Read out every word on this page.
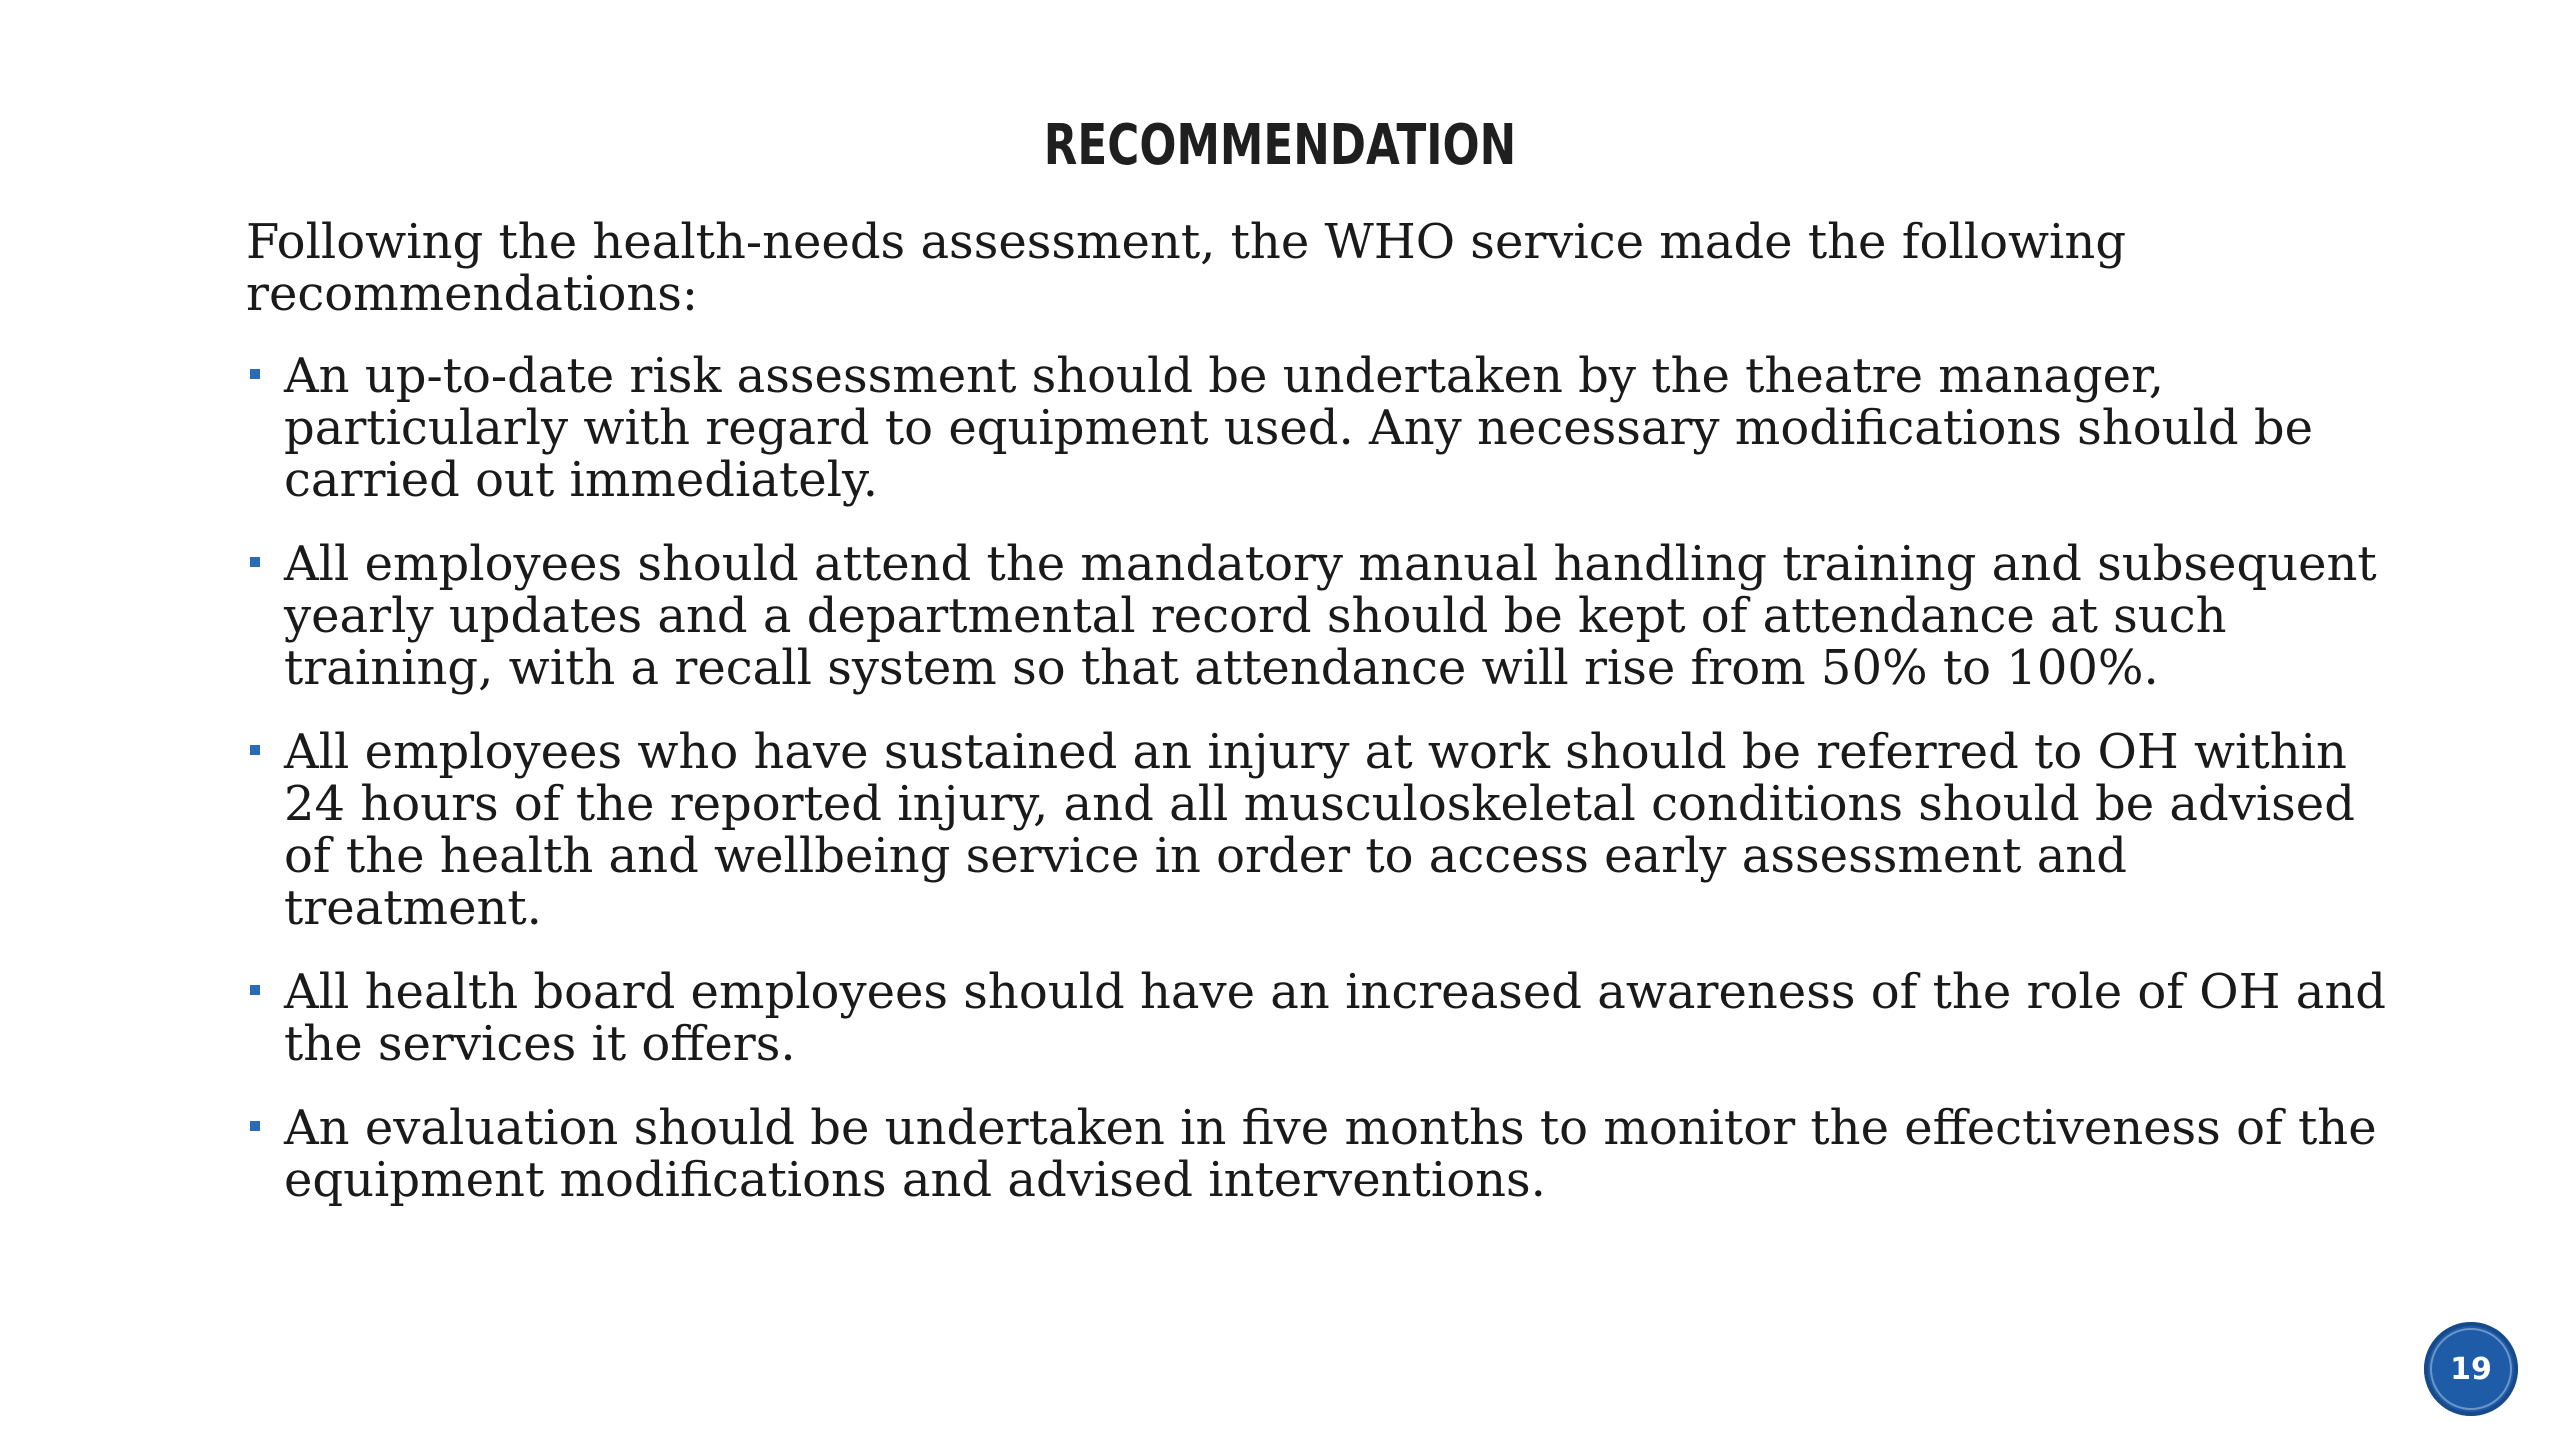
RECOMMENDATION

Following the health-needs assessment, the WHO service made the following recommendations:

An up-to-date risk assessment should be undertaken by the theatre manager, particularly with regard to equipment used. Any necessary modifications should be carried out immediately.
All employees should attend the mandatory manual handling training and subsequent yearly updates and a departmental record should be kept of attendance at such training, with a recall system so that attendance will rise from 50% to 100%.
All employees who have sustained an injury at work should be referred to OH within 24 hours of the reported injury, and all musculoskeletal conditions should be advised of the health and wellbeing service in order to access early assessment and treatment.
All health board employees should have an increased awareness of the role of OH and the services it offers.
An evaluation should be undertaken in five months to monitor the effectiveness of the equipment modifications and advised interventions.
19
